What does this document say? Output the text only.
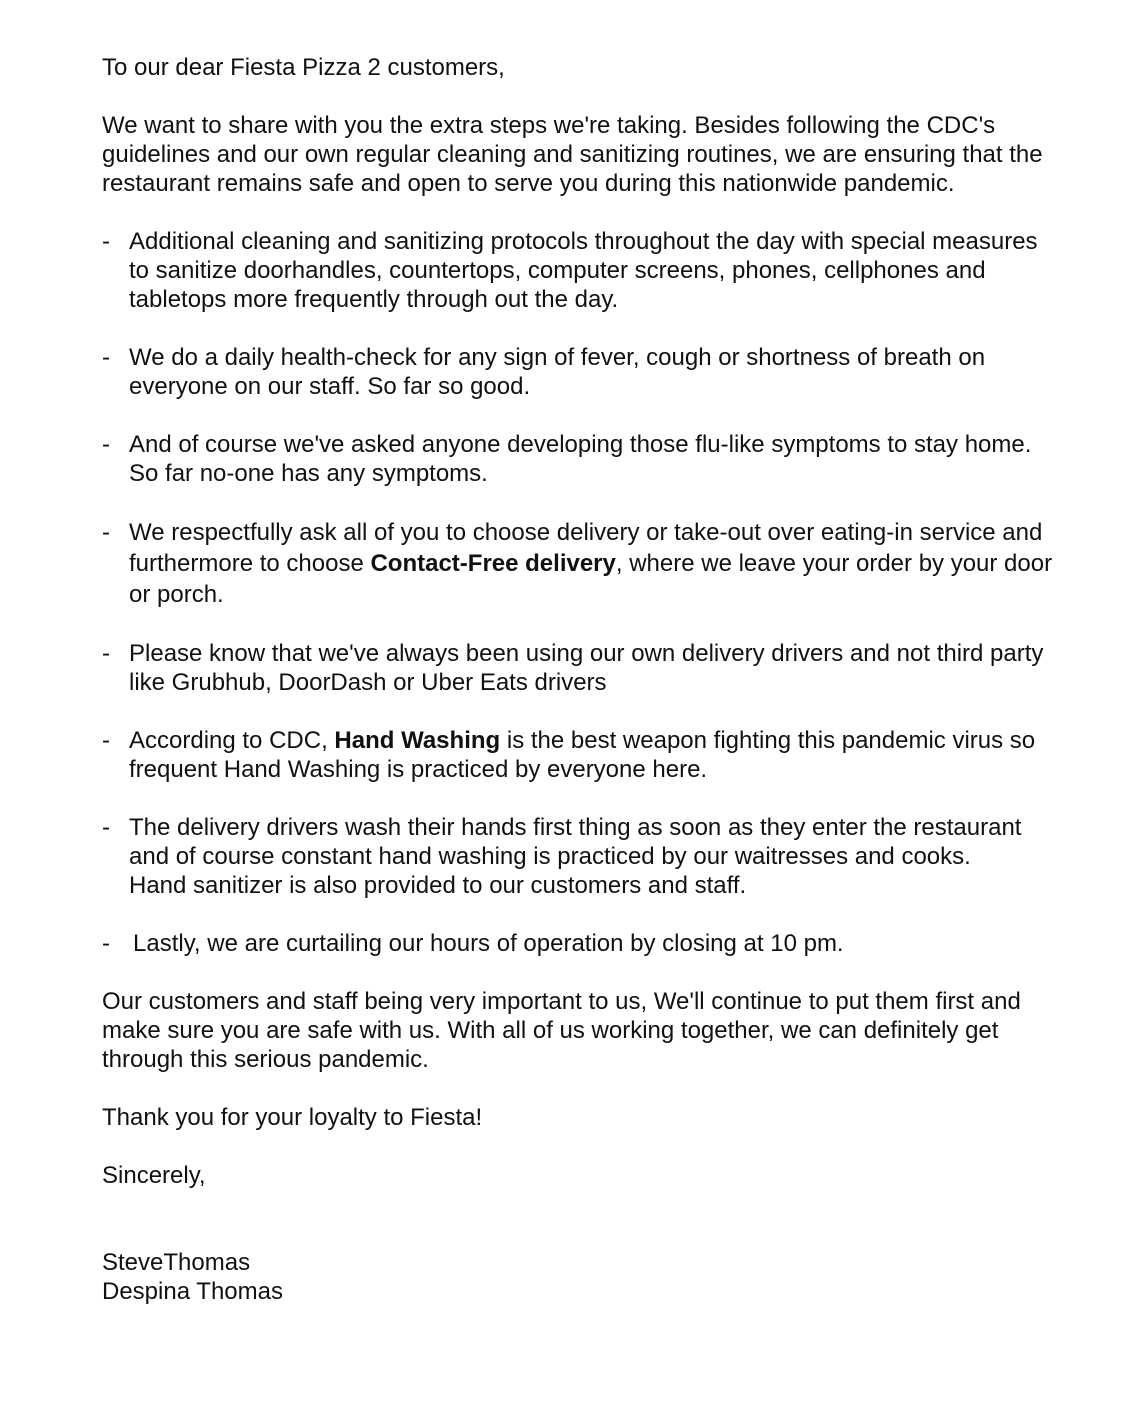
To our dear Fiesta Pizza 2 customers,

We want to share with you the extra steps we're taking. Besides following the CDC's guidelines and our own regular cleaning and sanitizing routines, we are ensuring that the restaurant remains safe and open to serve you during this nationwide pandemic.

- Additional cleaning and sanitizing protocols throughout the day with special measures to sanitize doorhandles, countertops, computer screens, phones, cellphones and tabletops more frequently through out the day.
- We do a daily health-check for any sign of fever, cough or shortness of breath on everyone on our staff. So far so good.
- And of course we've asked anyone developing those flu-like symptoms to stay home. So far no-one has any symptoms.
- We respectfully ask all of you to choose delivery or take-out over eating-in service and furthermore to choose Contact-Free delivery, where we leave your order by your door or porch.
- Please know that we've always been using our own delivery drivers and not third party like Grubhub, DoorDash or Uber Eats drivers
- According to CDC, Hand Washing is the best weapon fighting this pandemic virus so frequent Hand Washing is practiced by everyone here.
- The delivery drivers wash their hands first thing as soon as they enter the restaurant and of course constant hand washing is practiced by our waitresses and cooks.
Hand sanitizer is also provided to our customers and staff.
- Lastly, we are curtailing our hours of operation by closing at 10 pm.

Our customers and staff being very important to us, We'll continue to put them first and make sure you are safe with us. With all of us working together, we can definitely get through this serious pandemic.

Thank you for your loyalty to Fiesta!

Sincerely,

SteveThomas
Despina Thomas
